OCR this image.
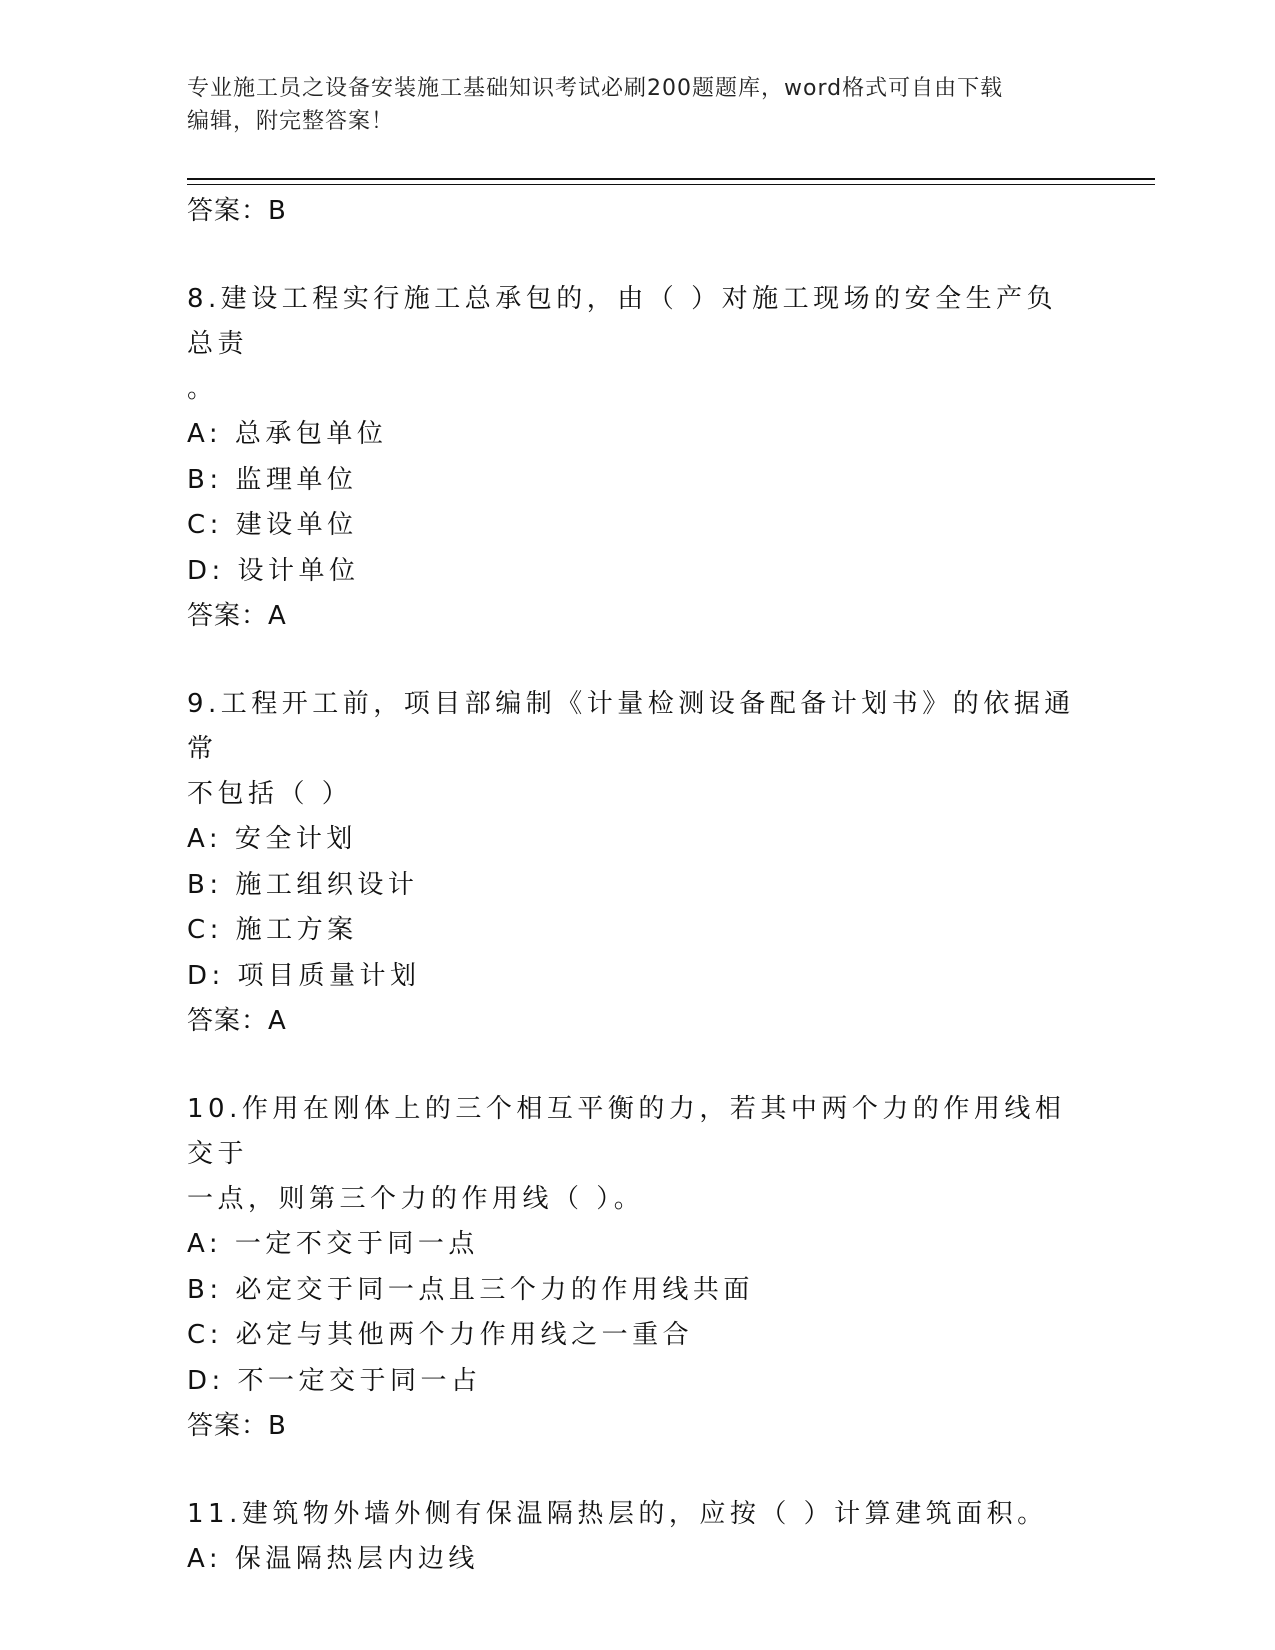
专业施工员之设备安装施工基础知识考试必刷200题题库，word格式可自由下载
编辑，附完整答案！
答案：B
8.建设工程实行施工总承包的，由（ ）对施工现场的安全生产负总责
。
A: 总承包单位
B: 监理单位
C: 建设单位
D: 设计单位
答案：A
9.工程开工前，项目部编制《计量检测设备配备计划书》的依据通常
不包括（ ）
A: 安全计划
B: 施工组织设计
C: 施工方案
D: 项目质量计划
答案：A
10.作用在刚体上的三个相互平衡的力，若其中两个力的作用线相交于
一点，则第三个力的作用线（ ）。
A: 一定不交于同一点
B: 必定交于同一点且三个力的作用线共面
C: 必定与其他两个力作用线之一重合
D: 不一定交于同一占
答案：B
11.建筑物外墙外侧有保温隔热层的，应按（ ）计算建筑面积。
A: 保温隔热层内边线
